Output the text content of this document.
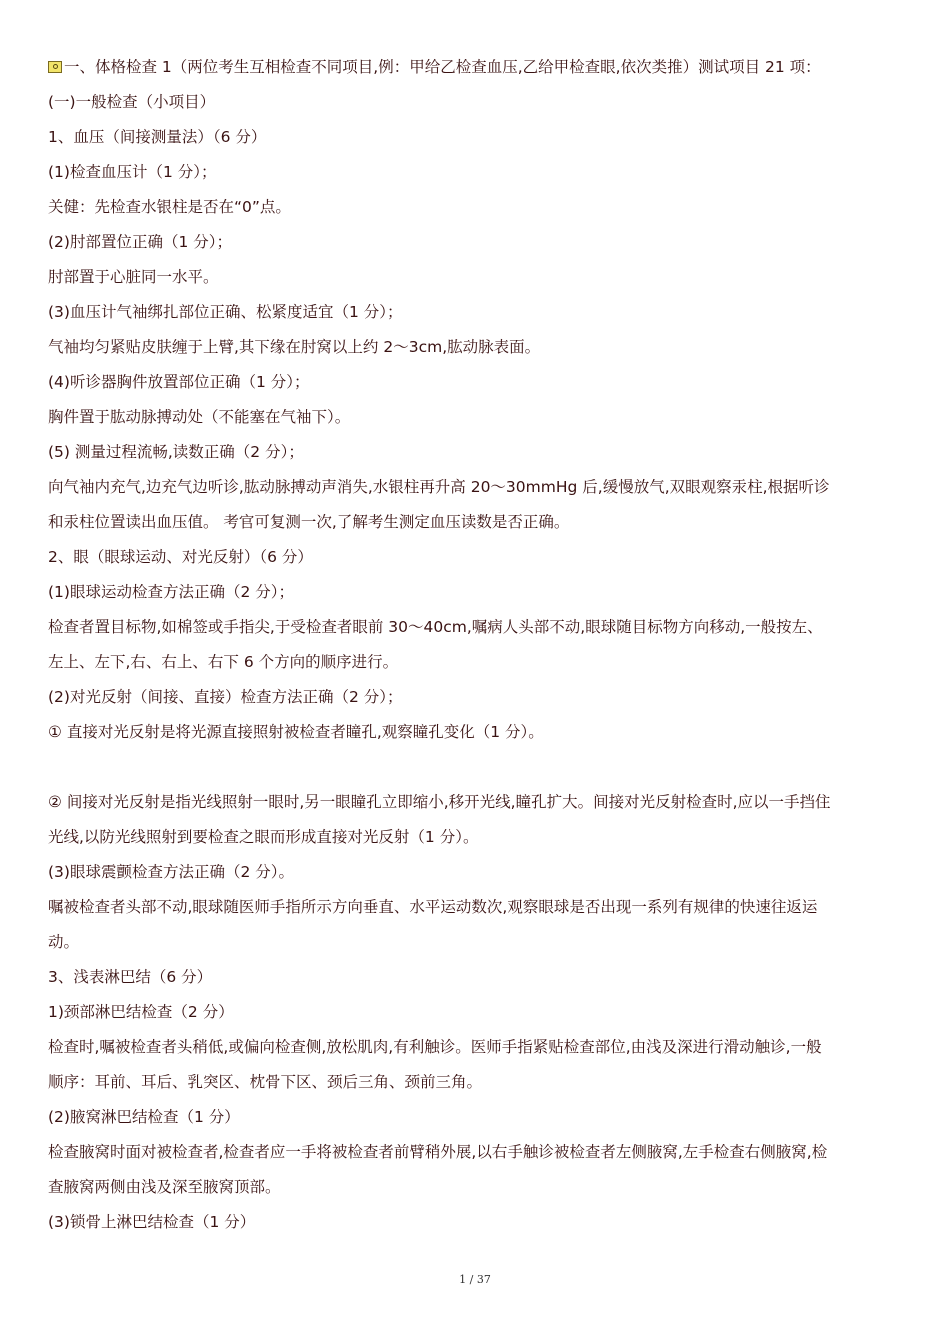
一、体格检查 1（两位考生互相检查不同项目,例：甲给乙检查血压,乙给甲检查眼,依次类推）测试项目 21 项：
(一)一般检查（小项目）
1、血压（间接测量法）（6 分）
(1)检查血压计（1 分）；
关健：先检查水银柱是否在“0”点。
(2)肘部置位正确（1 分）；
肘部置于心脏同一水平。
(3)血压计气袖绑扎部位正确、松紧度适宜（1 分）；
气袖均匀紧贴皮肤缠于上臂,其下缘在肘窝以上约 2～3cm,肱动脉表面。
(4)听诊器胸件放置部位正确（1 分）；
胸件置于肱动脉搏动处（不能塞在气袖下）。
(5) 测量过程流畅,读数正确（2 分）；
向气袖内充气,边充气边听诊,肱动脉搏动声消失,水银柱再升高 20～30mmHg 后,缓慢放气,双眼观察汞柱,根据听诊
和汞柱位置读出血压值。 考官可复测一次,了解考生测定血压读数是否正确。
2、眼（眼球运动、对光反射）（6 分）
(1)眼球运动检查方法正确（2 分）；
检查者置目标物,如棉签或手指尖,于受检查者眼前 30～40cm,嘱病人头部不动,眼球随目标物方向移动,一般按左、
左上、左下,右、右上、右下 6 个方向的顺序进行。
(2)对光反射（间接、直接）检查方法正确（2 分）；
① 直接对光反射是将光源直接照射被检查者瞳孔,观察瞳孔变化（1 分）。
② 间接对光反射是指光线照射一眼时,另一眼瞳孔立即缩小,移开光线,瞳孔扩大。间接对光反射检查时,应以一手挡住
光线,以防光线照射到要检查之眼而形成直接对光反射（1 分）。
(3)眼球震颤检查方法正确（2 分）。
嘱被检查者头部不动,眼球随医师手指所示方向垂直、水平运动数次,观察眼球是否出现一系列有规律的快速往返运
动。
3、浅表淋巴结（6 分）
1)颈部淋巴结检查（2 分）
检查时,嘱被检查者头稍低,或偏向检查侧,放松肌肉,有利触诊。医师手指紧贴检查部位,由浅及深进行滑动触诊,一般
顺序：耳前、耳后、乳突区、枕骨下区、颈后三角、颈前三角。
(2)腋窝淋巴结检查（1 分）
检查腋窝时面对被检查者,检查者应一手将被检查者前臂稍外展,以右手触诊被检查者左侧腋窝,左手检查右侧腋窝,检
查腋窝两侧由浅及深至腋窝顶部。
(3)锁骨上淋巴结检查（1 分）
1 / 37
